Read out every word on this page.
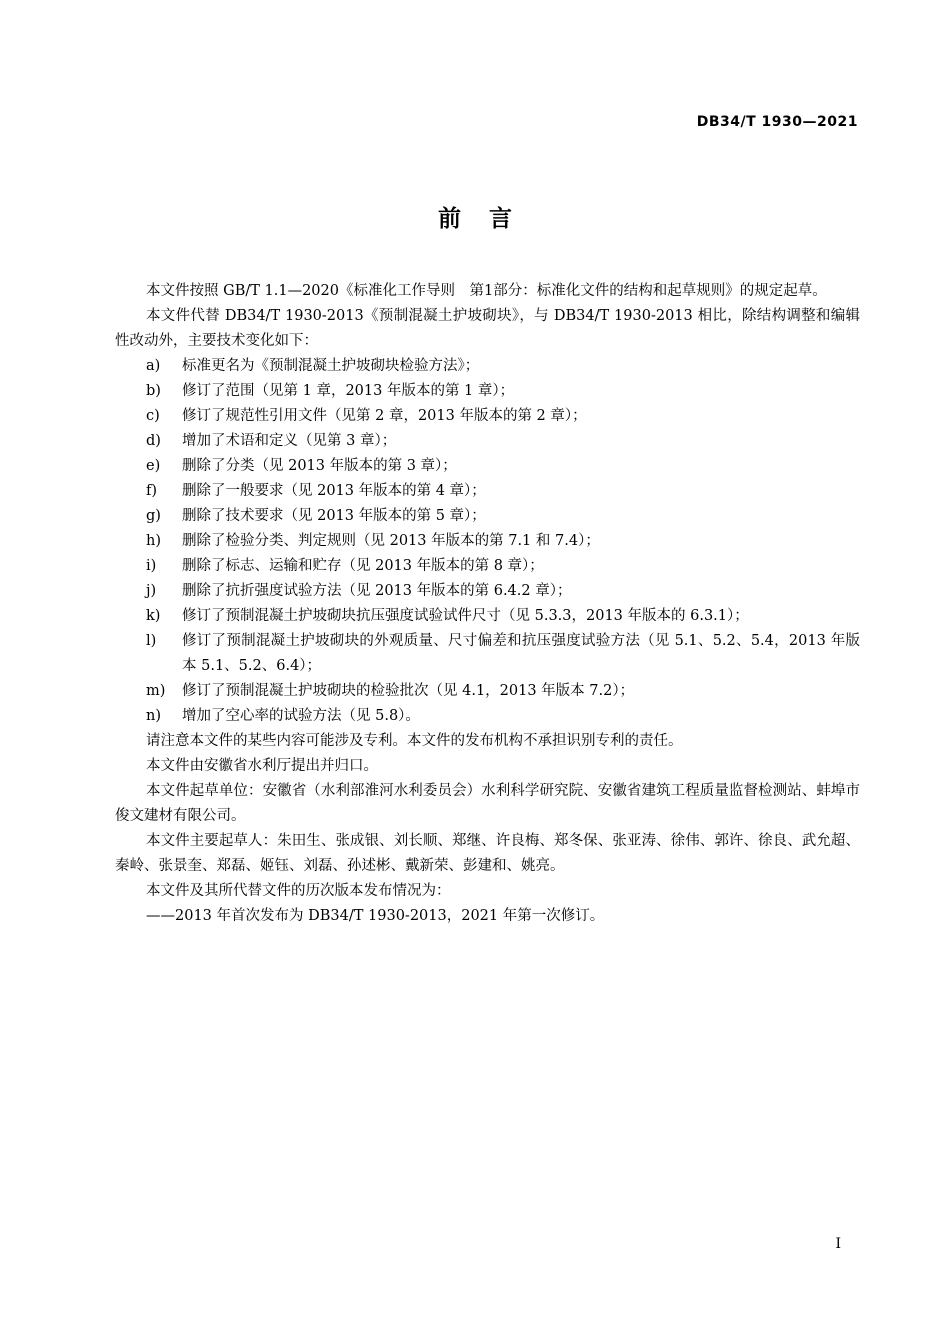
DB34/T 1930—2021
前言

本文件按照 GB/T 1.1—2020《标准化工作导则　第1部分：标准化文件的结构和起草规则》的规定起草。

本文件代替 DB34/T 1930-2013《预制混凝土护坡砌块》，与 DB34/T 1930-2013 相比，除结构调整和编辑性改动外，主要技术变化如下：

a)	标准更名为《预制混凝土护坡砌块检验方法》；
b)	修订了范围（见第 1 章，2013 年版本的第 1 章）；
c)	修订了规范性引用文件（见第 2 章，2013 年版本的第 2 章）；
d)	增加了术语和定义（见第 3 章）；
e)	删除了分类（见 2013 年版本的第 3 章）；
f)	删除了一般要求（见 2013 年版本的第 4 章）；
g)	删除了技术要求（见 2013 年版本的第 5 章）；
h)	删除了检验分类、判定规则（见 2013 年版本的第 7.1 和 7.4）；
i)	删除了标志、运输和贮存（见 2013 年版本的第 8 章）；
j)	删除了抗折强度试验方法（见 2013 年版本的第 6.4.2 章）；
k)	修订了预制混凝土护坡砌块抗压强度试验试件尺寸（见 5.3.3，2013 年版本的 6.3.1）；
l)	修订了预制混凝土护坡砌块的外观质量、尺寸偏差和抗压强度试验方法（见 5.1、5.2、5.4，2013 年版本 5.1、5.2、6.4）；
m)	修订了预制混凝土护坡砌块的检验批次（见 4.1，2013 年版本 7.2）；
n)	增加了空心率的试验方法（见 5.8）。

请注意本文件的某些内容可能涉及专利。本文件的发布机构不承担识别专利的责任。

本文件由安徽省水利厅提出并归口。

本文件起草单位：安徽省（水利部淮河水利委员会）水利科学研究院、安徽省建筑工程质量监督检测站、蚌埠市俊文建材有限公司。

本文件主要起草人：朱田生、张成银、刘长顺、郑继、许良梅、郑冬保、张亚涛、徐伟、郭许、徐良、武允超、秦岭、张景奎、郑磊、姬钰、刘磊、孙述彬、戴新荣、彭建和、姚亮。

本文件及其所代替文件的历次版本发布情况为：

——2013 年首次发布为 DB34/T 1930-2013，2021 年第一次修订。

I
